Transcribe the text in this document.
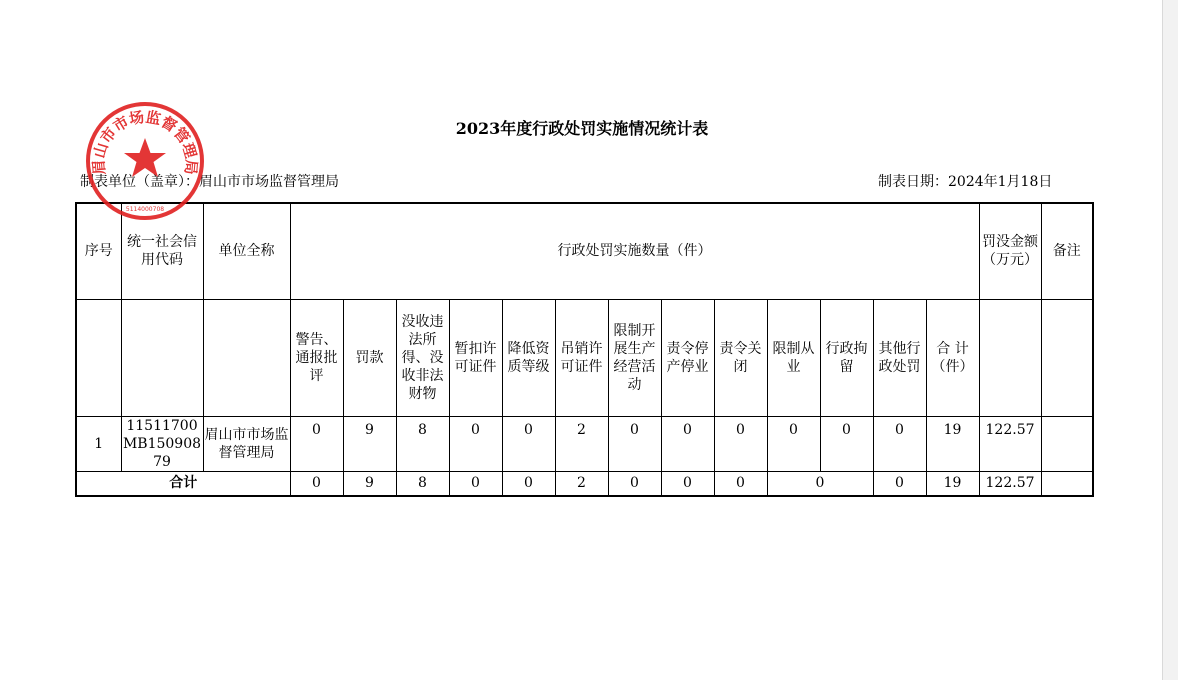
2023年度行政处罚实施情况统计表
制表单位（盖章）：眉山市市场监督管理局	制表日期：2024年1月18日
序号	统一社会信用代码	单位全称	行政处罚实施数量（件）													罚没金额（万元）	备注
			警告、通报批评	罚款	没收违法所得、没收非法财物	暂扣许可证件	降低资质等级	吊销许可证件	限制开展生产经营活动	责令停产停业	责令关闭	限制从业	行政拘留	其他行政处罚	合 计（件）		
1	11511700MB15090879	眉山市市场监督管理局	0	9	8	0	0	2	0	0	0	0	0	0	19	122.57	
合计			0	9	8	0	0	2	0	0	0	0		0	19	122.57	
眉山市市场监督管理局
5114000708
